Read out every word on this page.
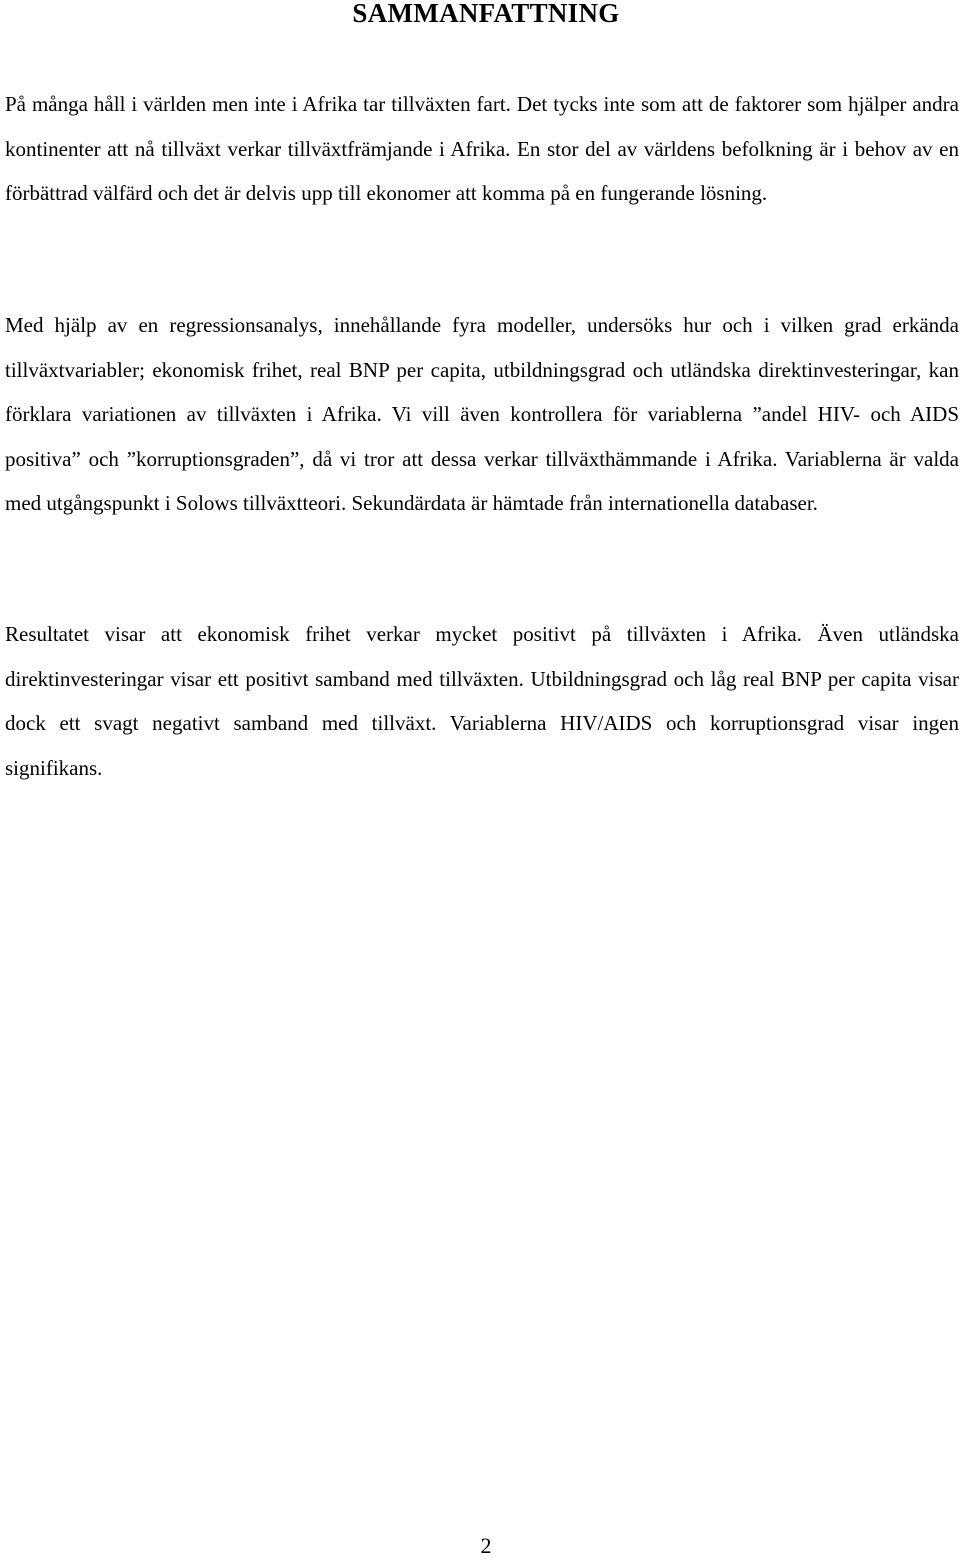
SAMMANFATTNING

På många håll i världen men inte i Afrika tar tillväxten fart. Det tycks inte som att de faktorer som hjälper andra kontinenter att nå tillväxt verkar tillväxtfrämjande i Afrika. En stor del av världens befolkning är i behov av en förbättrad välfärd och det är delvis upp till ekonomer att komma på en fungerande lösning.

Med hjälp av en regressionsanalys, innehållande fyra modeller, undersöks hur och i vilken grad erkända tillväxtvariabler; ekonomisk frihet, real BNP per capita, utbildningsgrad och utländska direktinvesteringar, kan förklara variationen av tillväxten i Afrika. Vi vill även kontrollera för variablerna ”andel HIV- och AIDS positiva” och ”korruptionsgraden”, då vi tror att dessa verkar tillväxthämmande i Afrika. Variablerna är valda med utgångspunkt i Solows tillväxtteori. Sekundärdata är hämtade från internationella databaser.

Resultatet visar att ekonomisk frihet verkar mycket positivt på tillväxten i Afrika. Även utländska direktinvesteringar visar ett positivt samband med tillväxten. Utbildningsgrad och låg real BNP per capita visar dock ett svagt negativt samband med tillväxt. Variablerna HIV/AIDS och korruptionsgrad visar ingen signifikans.

2
